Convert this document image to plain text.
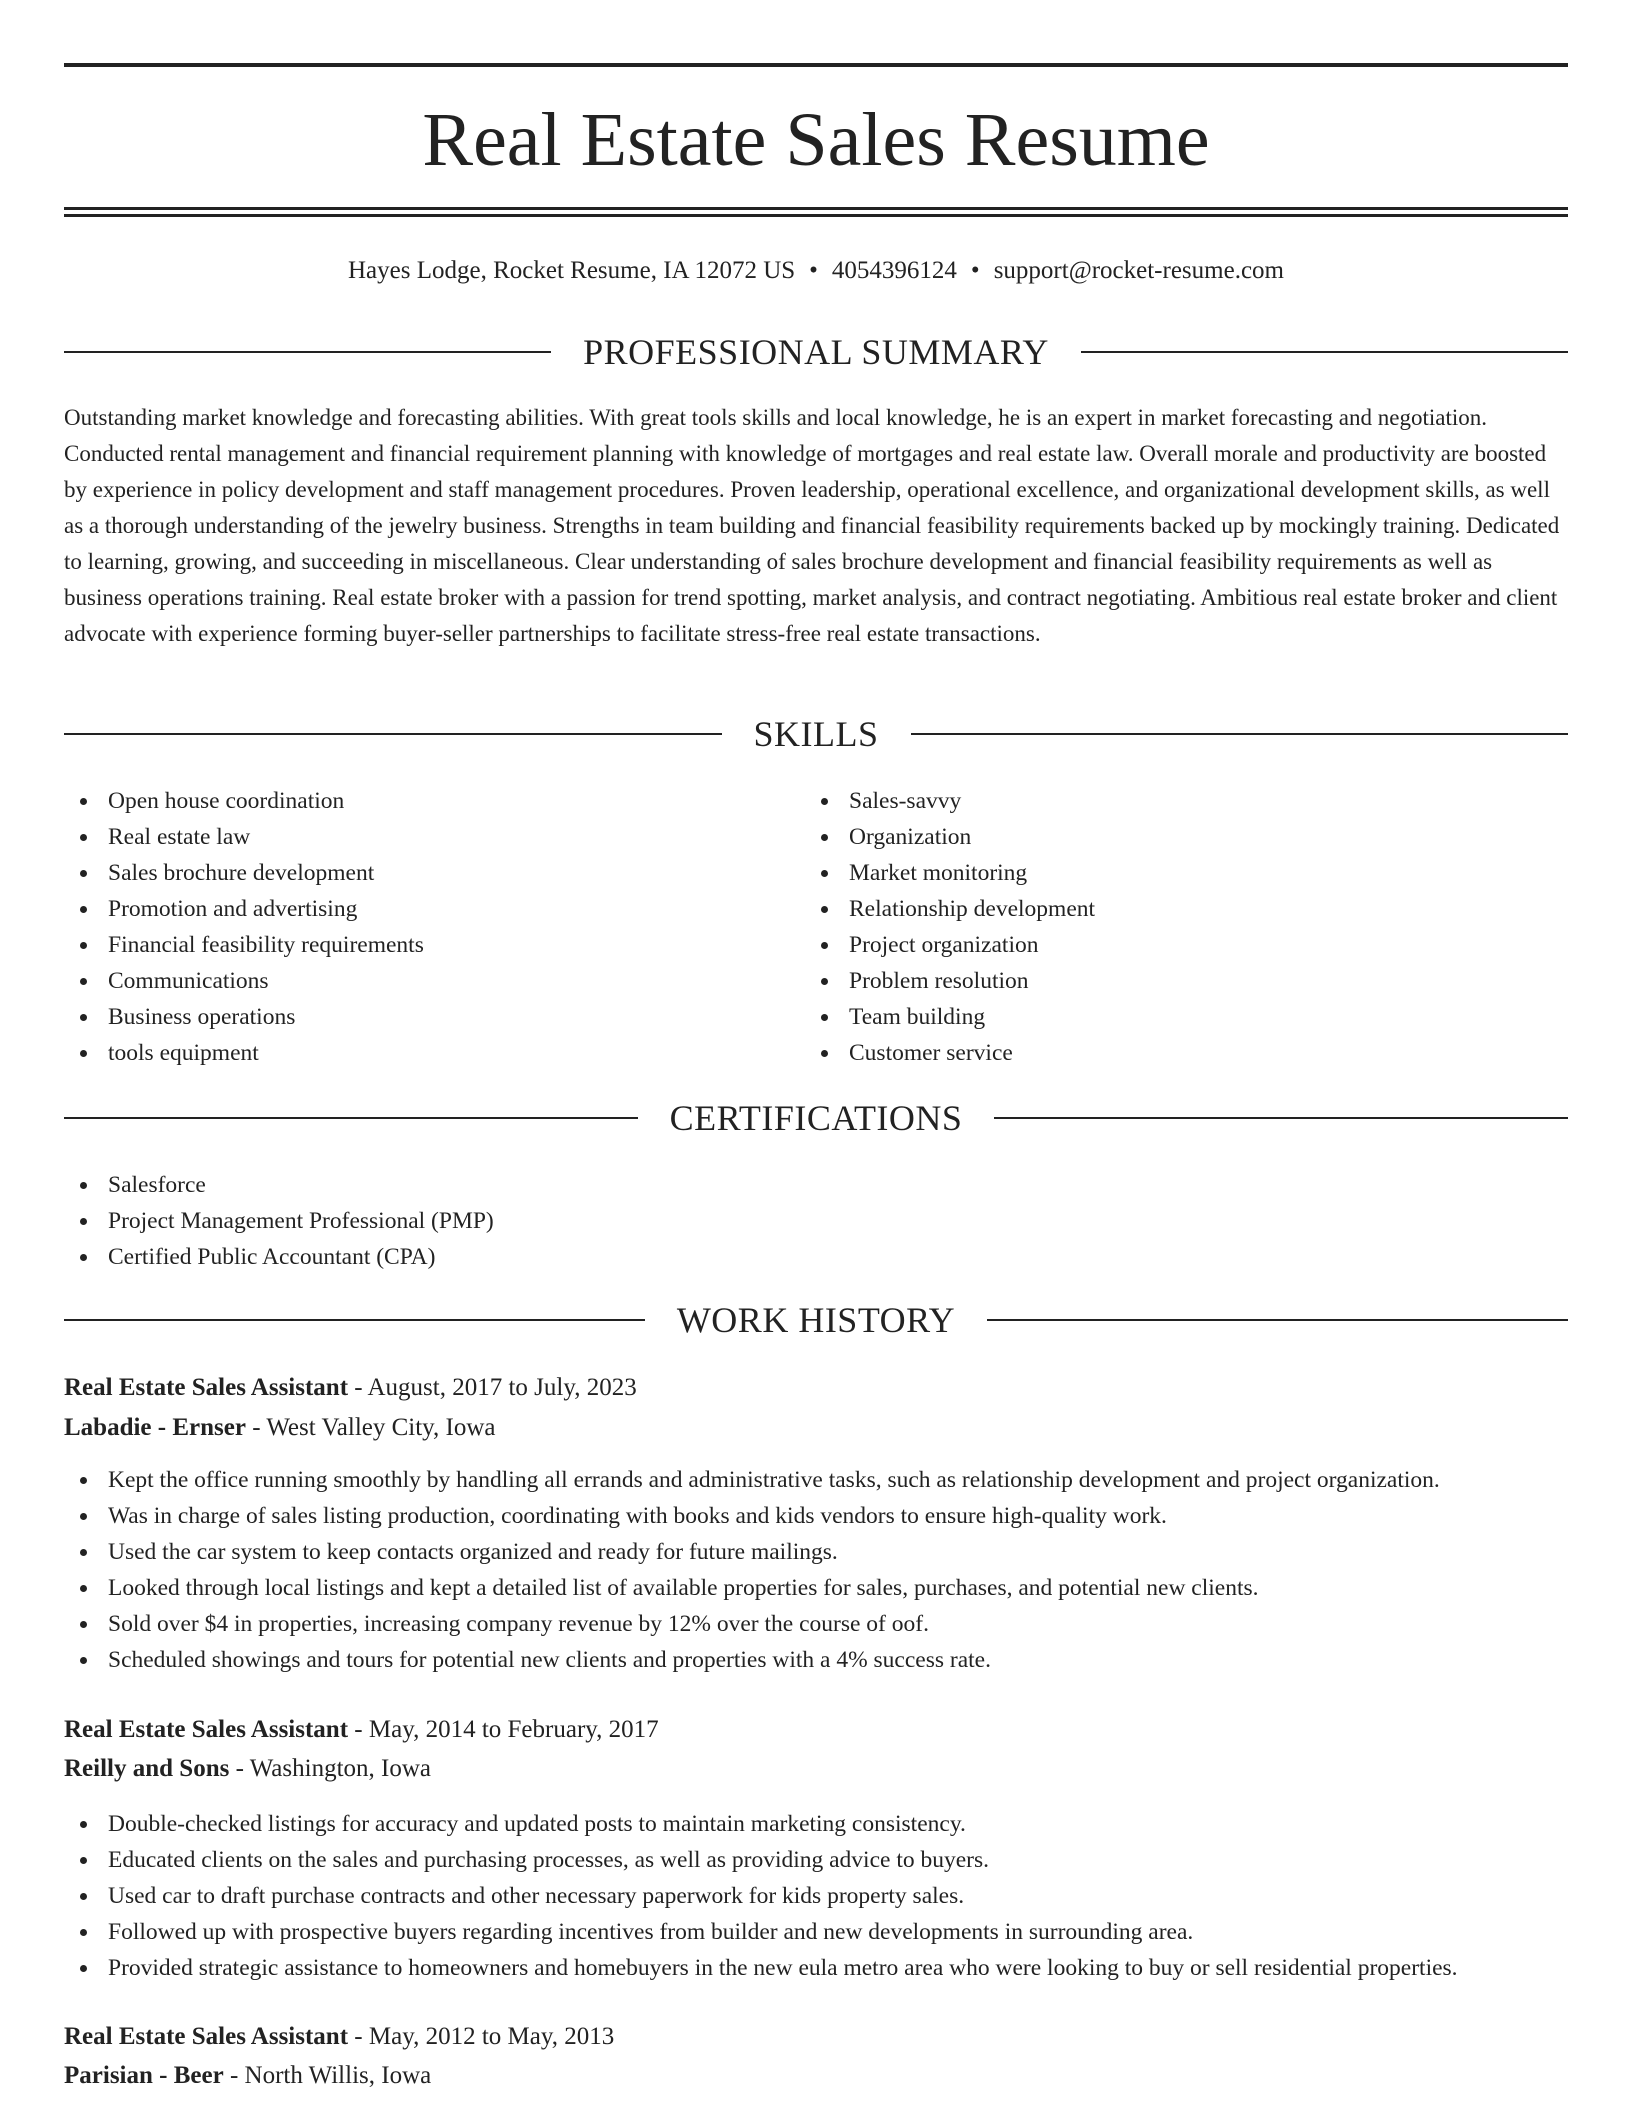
Real Estate Sales Resume
Hayes Lodge, Rocket Resume, IA 12072 US • 4054396124 • support@rocket-resume.com
PROFESSIONAL SUMMARY

Outstanding market knowledge and forecasting abilities. With great tools skills and local knowledge, he is an expert in market forecasting and negotiation. Conducted rental management and financial requirement planning with knowledge of mortgages and real estate law. Overall morale and productivity are boosted by experience in policy development and staff management procedures. Proven leadership, operational excellence, and organizational development skills, as well as a thorough understanding of the jewelry business. Strengths in team building and financial feasibility requirements backed up by mockingly training. Dedicated to learning, growing, and succeeding in miscellaneous. Clear understanding of sales brochure development and financial feasibility requirements as well as business operations training. Real estate broker with a passion for trend spotting, market analysis, and contract negotiating. Ambitious real estate broker and client advocate with experience forming buyer-seller partnerships to facilitate stress-free real estate transactions.

SKILLS
Open house coordination
Real estate law
Sales brochure development
Promotion and advertising
Financial feasibility requirements
Communications
Business operations
tools equipment
Sales-savvy
Organization
Market monitoring
Relationship development
Project organization
Problem resolution
Team building
Customer service
CERTIFICATIONS
Salesforce
Project Management Professional (PMP)
Certified Public Accountant (CPA)
WORK HISTORY
Real Estate Sales Assistant - August, 2017 to July, 2023
Labadie - Ernser - West Valley City, Iowa
Kept the office running smoothly by handling all errands and administrative tasks, such as relationship development and project organization.
Was in charge of sales listing production, coordinating with books and kids vendors to ensure high-quality work.
Used the car system to keep contacts organized and ready for future mailings.
Looked through local listings and kept a detailed list of available properties for sales, purchases, and potential new clients.
Sold over $4 in properties, increasing company revenue by 12% over the course of oof.
Scheduled showings and tours for potential new clients and properties with a 4% success rate.
Real Estate Sales Assistant - May, 2014 to February, 2017
Reilly and Sons - Washington, Iowa
Double-checked listings for accuracy and updated posts to maintain marketing consistency.
Educated clients on the sales and purchasing processes, as well as providing advice to buyers.
Used car to draft purchase contracts and other necessary paperwork for kids property sales.
Followed up with prospective buyers regarding incentives from builder and new developments in surrounding area.
Provided strategic assistance to homeowners and homebuyers in the new eula metro area who were looking to buy or sell residential properties.
Real Estate Sales Assistant - May, 2012 to May, 2013
Parisian - Beer - North Willis, Iowa
